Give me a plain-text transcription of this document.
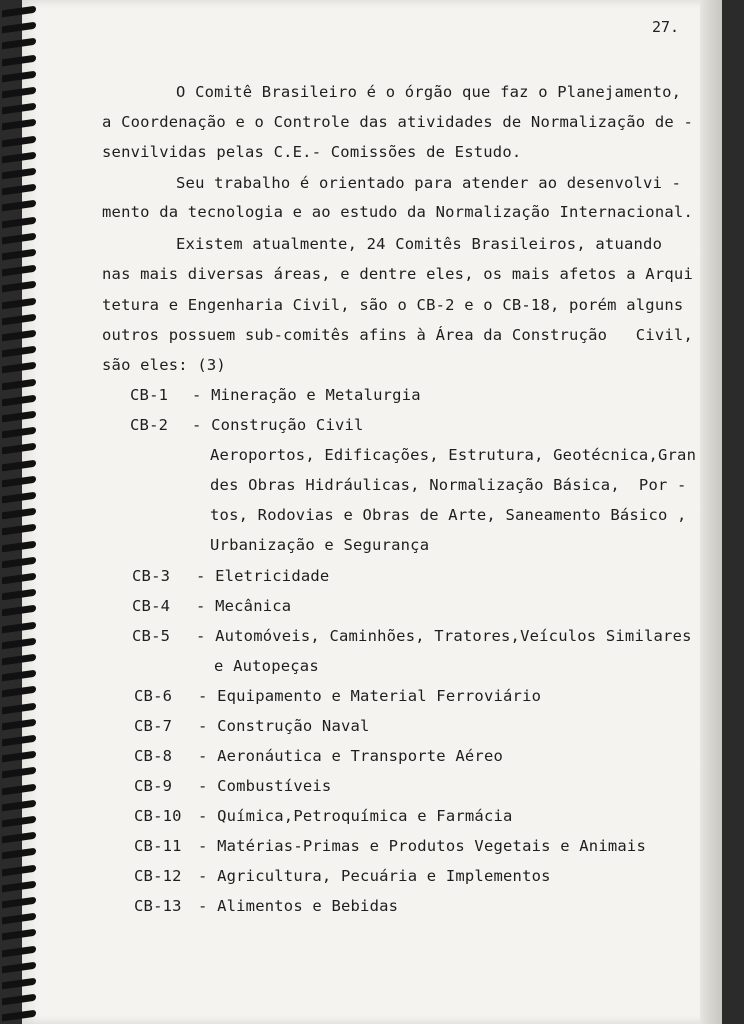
27.
O Comitê Brasileiro é o órgão que faz o Planejamento,
a Coordenação e o Controle das atividades de Normalização de -
senvilvidas pelas C.E.- Comissões de Estudo.
Seu trabalho é orientado para atender ao desenvolvi -
mento da tecnologia e ao estudo da Normalização Internacional.
Existem atualmente, 24 Comitês Brasileiros, atuando
nas mais diversas áreas, e dentre eles, os mais afetos a Arqui
tetura e Engenharia Civil, são o CB-2 e o CB-18, porém alguns
outros possuem sub-comitês afins à Área da Construção   Civil,
são eles: (3)
CB-1 - Mineração e Metalurgia
CB-2 - Construção Civil
Aeroportos, Edificações, Estrutura, Geotécnica,Gran
des Obras Hidráulicas, Normalização Básica,  Por -
tos, Rodovias e Obras de Arte, Saneamento Básico ,
Urbanização e Segurança
CB-3 - Eletricidade
CB-4 - Mecânica
CB-5 - Automóveis, Caminhões, Tratores,Veículos Similares
e Autopeças
CB-6 - Equipamento e Material Ferroviário
CB-7 - Construção Naval
CB-8 - Aeronáutica e Transporte Aéreo
CB-9 - Combustíveis
CB-10 - Química,Petroquímica e Farmácia
CB-11 - Matérias-Primas e Produtos Vegetais e Animais
CB-12 - Agricultura, Pecuária e Implementos
CB-13 - Alimentos e Bebidas
